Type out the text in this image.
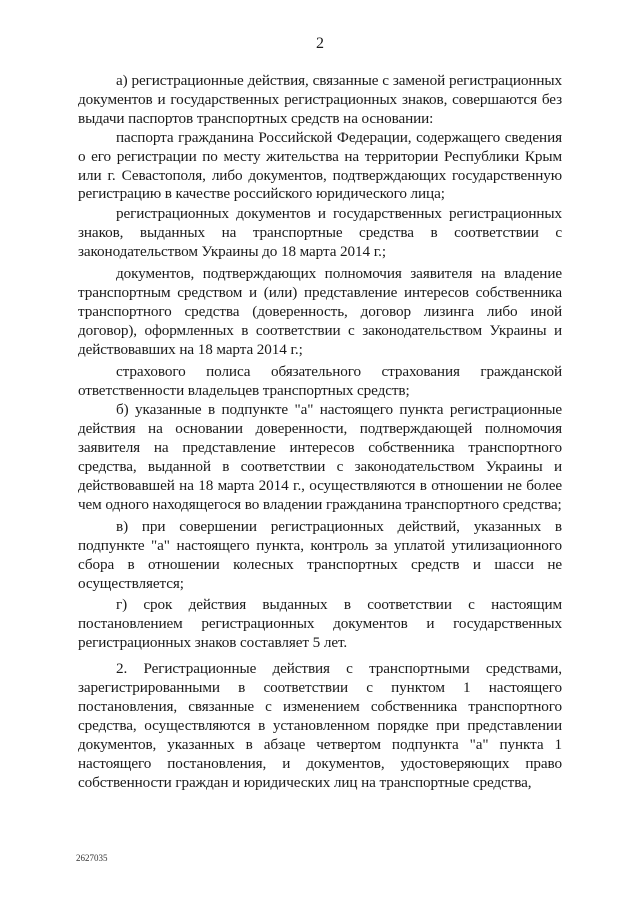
2

а) регистрационные действия, связанные с заменой регистрационных документов и государственных регистрационных знаков, совершаются без выдачи паспортов транспортных средств на основании:

паспорта гражданина Российской Федерации, содержащего сведения о его регистрации по месту жительства на территории Республики Крым или г. Севастополя, либо документов, подтверждающих государственную регистрацию в качестве российского юридического лица;

регистрационных документов и государственных регистрационных знаков, выданных на транспортные средства в соответствии с законодательством Украины до 18 марта 2014 г.;

документов, подтверждающих полномочия заявителя на владение транспортным средством и (или) представление интересов собственника транспортного средства (доверенность, договор лизинга либо иной договор), оформленных в соответствии с законодательством Украины и действовавших на 18 марта 2014 г.;

страхового полиса обязательного страхования гражданской ответственности владельцев транспортных средств;

б) указанные в подпункте "а" настоящего пункта регистрационные действия на основании доверенности, подтверждающей полномочия заявителя на представление интересов собственника транспортного средства, выданной в соответствии с законодательством Украины и действовавшей на 18 марта 2014 г., осуществляются в отношении не более чем одного находящегося во владении гражданина транспортного средства;

в) при совершении регистрационных действий, указанных в подпункте "а" настоящего пункта, контроль за уплатой утилизационного сбора в отношении колесных транспортных средств и шасси не осуществляется;

г) срок действия выданных в соответствии с настоящим постановлением регистрационных документов и государственных регистрационных знаков составляет 5 лет.

2. Регистрационные действия с транспортными средствами, зарегистрированными в соответствии с пунктом 1 настоящего постановления, связанные с изменением собственника транспортного средства, осуществляются в установленном порядке при представлении документов, указанных в абзаце четвертом подпункта "а" пункта 1 настоящего постановления, и документов, удостоверяющих право собственности граждан и юридических лиц на транспортные средства,

2627035
